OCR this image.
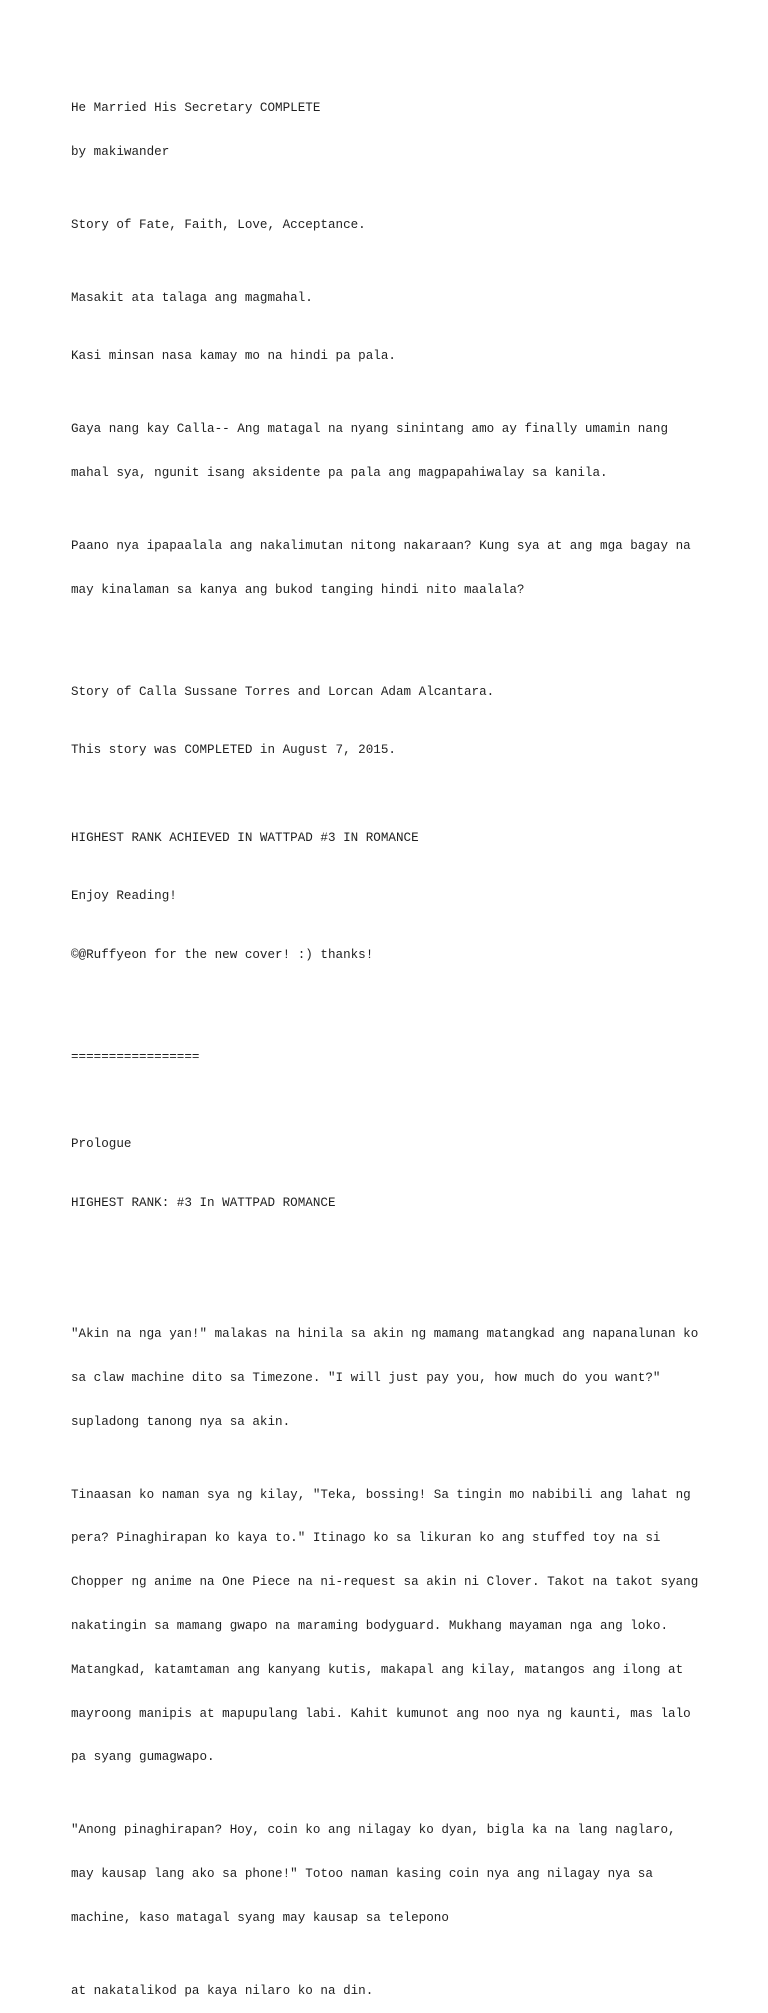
He Married His Secretary COMPLETE

by makiwander

Story of Fate, Faith, Love, Acceptance.

Masakit ata talaga ang magmahal.

Kasi minsan nasa kamay mo na hindi pa pala.

Gaya nang kay Calla-- Ang matagal na nyang sinintang amo ay finally umamin nang

mahal sya, ngunit isang aksidente pa pala ang magpapahiwalay sa kanila.

Paano nya ipapaalala ang nakalimutan nitong nakaraan? Kung sya at ang mga bagay na

may kinalaman sa kanya ang bukod tanging hindi nito maalala?

Story of Calla Sussane Torres and Lorcan Adam Alcantara.

This story was COMPLETED in August 7, 2015.

HIGHEST RANK ACHIEVED IN WATTPAD #3 IN ROMANCE

Enjoy Reading!

©@Ruffyeon for the new cover! :) thanks!

=================

Prologue

HIGHEST RANK: #3 In WATTPAD ROMANCE

"Akin na nga yan!" malakas na hinila sa akin ng mamang matangkad ang napanalunan ko

sa claw machine dito sa Timezone. "I will just pay you, how much do you want?"

supladong tanong nya sa akin.

Tinaasan ko naman sya ng kilay, "Teka, bossing! Sa tingin mo nabibili ang lahat ng

pera? Pinaghirapan ko kaya to." Itinago ko sa likuran ko ang stuffed toy na si

Chopper ng anime na One Piece na ni-request sa akin ni Clover. Takot na takot syang

nakatingin sa mamang gwapo na maraming bodyguard. Mukhang mayaman nga ang loko.

Matangkad, katamtaman ang kanyang kutis, makapal ang kilay, matangos ang ilong at

mayroong manipis at mapupulang labi. Kahit kumunot ang noo nya ng kaunti, mas lalo

pa syang gumagwapo.

"Anong pinaghirapan? Hoy, coin ko ang nilagay ko dyan, bigla ka na lang naglaro,

may kausap lang ako sa phone!" Totoo naman kasing coin nya ang nilagay nya sa

machine, kaso matagal syang may kausap sa telepono

at nakatalikod pa kaya nilaro ko na din.
